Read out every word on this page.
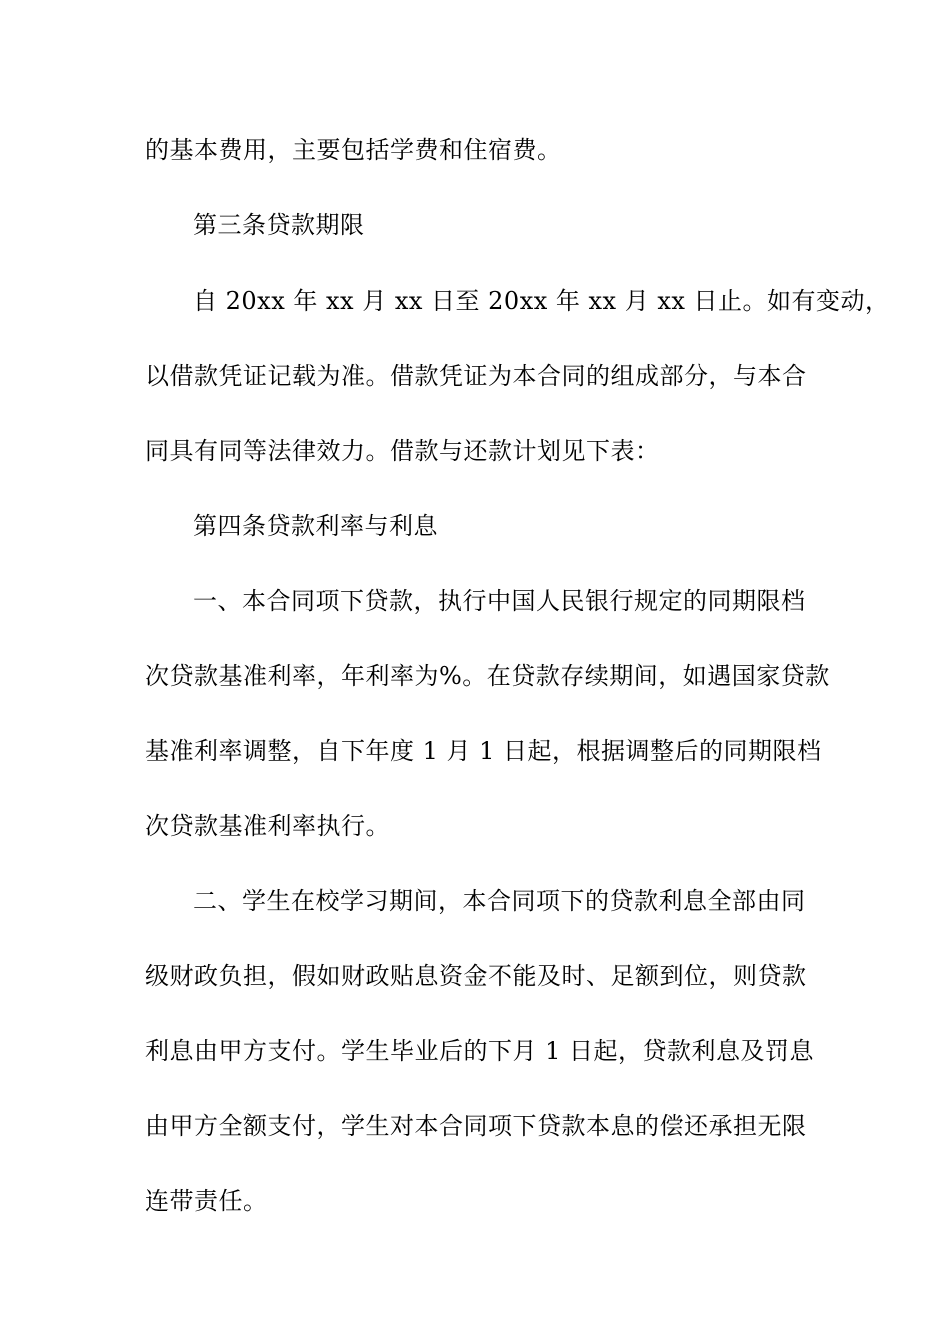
的基本费用，主要包括学费和住宿费。
第三条贷款期限
自 20xx 年 xx 月 xx 日至 20xx 年 xx 月 xx 日止。如有变动，
以借款凭证记载为准。借款凭证为本合同的组成部分，与本合
同具有同等法律效力。借款与还款计划见下表：
第四条贷款利率与利息
一、本合同项下贷款，执行中国人民银行规定的同期限档
次贷款基准利率，年利率为%。在贷款存续期间，如遇国家贷款
基准利率调整，自下年度 1 月 1 日起，根据调整后的同期限档
次贷款基准利率执行。
二、学生在校学习期间，本合同项下的贷款利息全部由同
级财政负担，假如财政贴息资金不能及时、足额到位，则贷款
利息由甲方支付。学生毕业后的下月 1 日起，贷款利息及罚息
由甲方全额支付，学生对本合同项下贷款本息的偿还承担无限
连带责任。
